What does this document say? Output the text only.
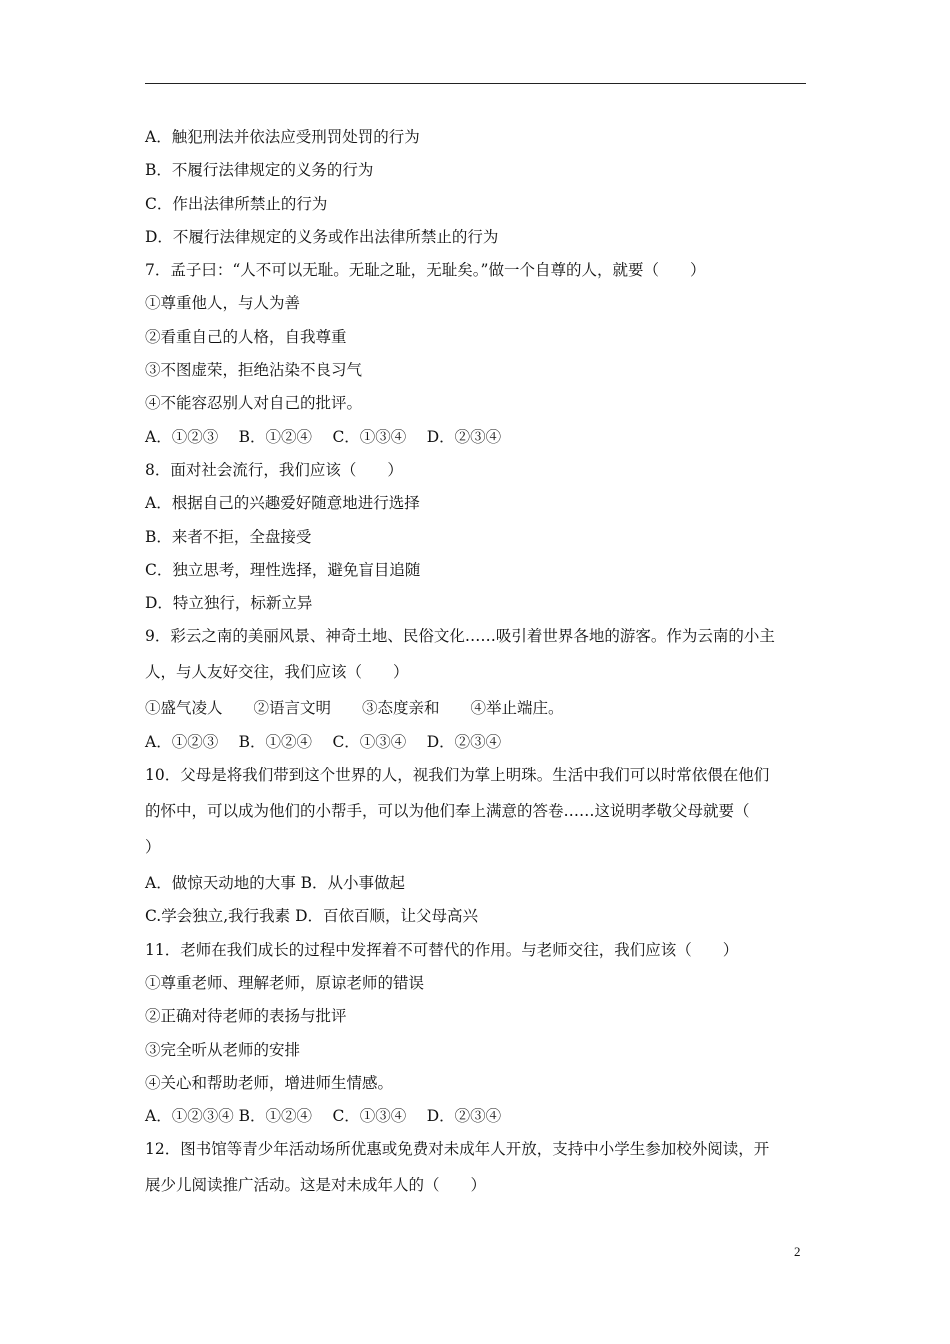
A．触犯刑法并依法应受刑罚处罚的行为
B．不履行法律规定的义务的行为
C．作出法律所禁止的行为
D．不履行法律规定的义务或作出法律所禁止的行为
7．孟子曰：“人不可以无耻。无耻之耻，无耻矣。”做一个自尊的人，就要（　　）
①尊重他人，与人为善
②看重自己的人格，自我尊重
③不图虚荣，拒绝沾染不良习气
④不能容忍别人对自己的批评。
A．①②③　 B．①②④　 C．①③④　 D．②③④
8．面对社会流行，我们应该（　　）
A．根据自己的兴趣爱好随意地进行选择
B．来者不拒，全盘接受
C．独立思考，理性选择，避免盲目追随
D．特立独行，标新立异
9．彩云之南的美丽风景、神奇土地、民俗文化……吸引着世界各地的游客。作为云南的小主
人，与人友好交往，我们应该（　　）
①盛气凌人　　②语言文明　　③态度亲和　　④举止端庄。
A．①②③　 B．①②④　 C．①③④　 D．②③④
10．父母是将我们带到这个世界的人，视我们为掌上明珠。生活中我们可以时常依偎在他们
的怀中，可以成为他们的小帮手，可以为他们奉上满意的答卷……这说明孝敬父母就要（
）
A．做惊天动地的大事 B．从小事做起
C.学会独立,我行我素 D．百依百顺，让父母高兴
11．老师在我们成长的过程中发挥着不可替代的作用。与老师交往，我们应该（　　）
①尊重老师、理解老师，原谅老师的错误
②正确对待老师的表扬与批评
③完全听从老师的安排
④关心和帮助老师，增进师生情感。
A．①②③④ B．①②④　 C．①③④　 D．②③④
12．图书馆等青少年活动场所优惠或免费对未成年人开放，支持中小学生参加校外阅读，开
展少儿阅读推广活动。这是对未成年人的（　　）
2
